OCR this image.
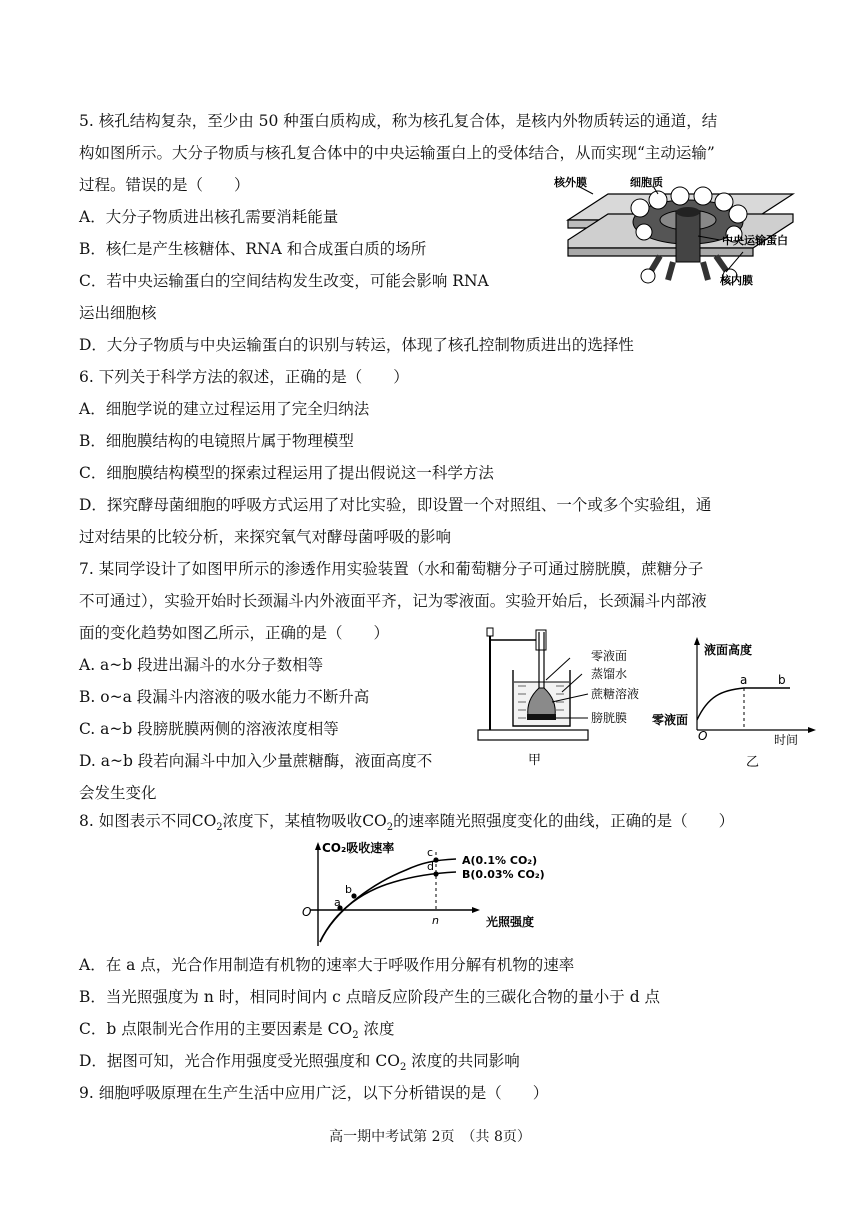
5. 核孔结构复杂，至少由 50 种蛋白质构成，称为核孔复合体，是核内外物质转运的通道，结
构如图所示。大分子物质与核孔复合体中的中央运输蛋白上的受体结合，从而实现“主动运输”
过程。错误的是（　　）
A．大分子物质进出核孔需要消耗能量
B．核仁是产生核糖体、RNA 和合成蛋白质的场所
C．若中央运输蛋白的空间结构发生改变，可能会影响 RNA
运出细胞核
D．大分子物质与中央运输蛋白的识别与转运，体现了核孔控制物质进出的选择性
核外膜	细胞质
中央运输蛋白
核内膜
6. 下列关于科学方法的叙述，正确的是（　　）
A．细胞学说的建立过程运用了完全归纳法
B．细胞膜结构的电镜照片属于物理模型
C．细胞膜结构模型的探索过程运用了提出假说这一科学方法
D．探究酵母菌细胞的呼吸方式运用了对比实验，即设置一个对照组、一个或多个实验组，通
过对结果的比较分析，来探究氧气对酵母菌呼吸的影响
7. 某同学设计了如图甲所示的渗透作用实验装置（水和葡萄糖分子可通过膀胱膜，蔗糖分子
不可通过），实验开始时长颈漏斗内外液面平齐，记为零液面。实验开始后，长颈漏斗内部液
面的变化趋势如图乙所示，正确的是（　　）
A. a~b 段进出漏斗的水分子数相等
B. o~a 段漏斗内溶液的吸水能力不断升高
C. a~b 段膀胱膜两侧的溶液浓度相等
D. a~b 段若向漏斗中加入少量蔗糖酶，液面高度不
会发生变化
零液面
蒸馏水
蔗糖溶液
膀胱膜
甲
液面高度
零液面
O	时间
a	b
乙
8. 如图表示不同$CO_2$浓度下，某植物吸收$CO_2$的速率随光照强度变化的曲线，正确的是（　　）
CO₂吸收速率
O
光照强度
n
a
b
c
d	A(0.1% CO₂)
B(0.03% CO₂)
A．在 a 点，光合作用制造有机物的速率大于呼吸作用分解有机物的速率
B．当光照强度为 n 时，相同时间内 c 点暗反应阶段产生的三碳化合物的量小于 d 点
C．b 点限制光合作用的主要因素是 $CO_2$ 浓度
D．据图可知，光合作用强度受光照强度和 $CO_2$ 浓度的共同影响
9. 细胞呼吸原理在生产生活中应用广泛，以下分析错误的是（　　）
高一期中考试第 2页　（共 8页）
